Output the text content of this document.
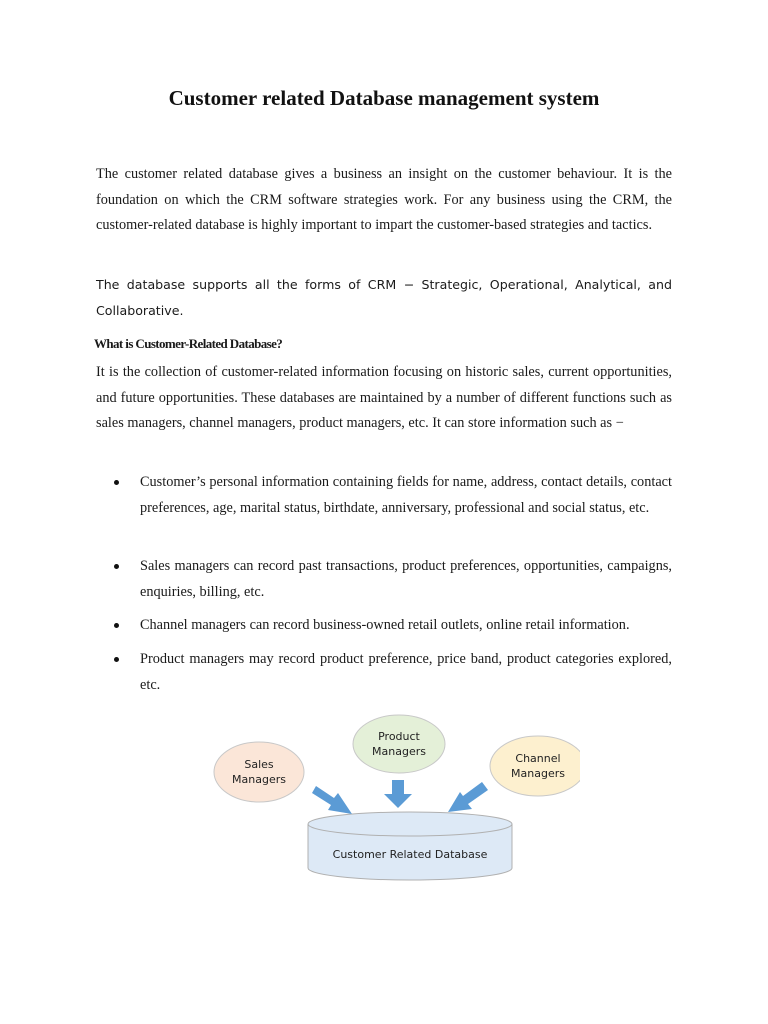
Customer related Database management system

The customer related database gives a business an insight on the customer behaviour. It is the foundation on which the CRM software strategies work. For any business using the CRM, the customer-related database is highly important to impart the customer-based strategies and tactics.

The database supports all the forms of CRM − Strategic, Operational, Analytical, and Collaborative.

What is Customer-Related Database?

It is the collection of customer-related information focusing on historic sales, current opportunities, and future opportunities. These databases are maintained by a number of different functions such as sales managers, channel managers, product managers, etc. It can store information such as −

Customer’s personal information containing fields for name, address, contact details, contact preferences, age, marital status, birthdate, anniversary, professional and social status, etc.

Sales managers can record past transactions, product preferences, opportunities, campaigns, enquiries, billing, etc.

Channel managers can record business-owned retail outlets, online retail information.

Product managers may record product preference, price band, product categories explored, etc.

Customer Related Database
Sales
Managers
Product
Managers
Channel
Managers
